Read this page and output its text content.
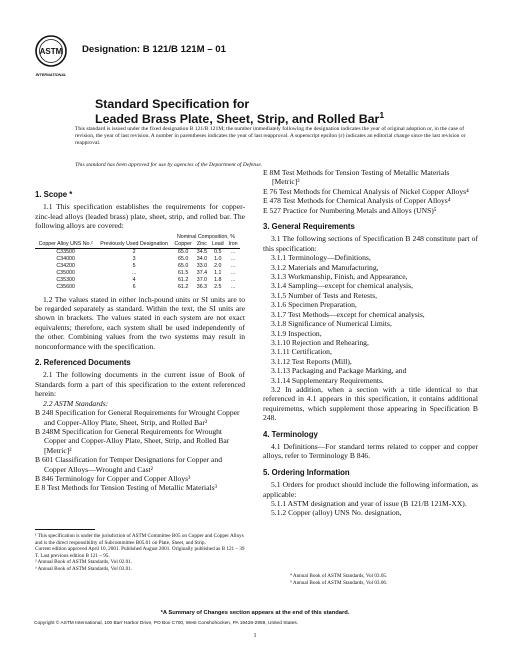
ASTM
INTERNATIONAL
Designation: B 121/B 121M – 01
Standard Specification for
Leaded Brass Plate, Sheet, Strip, and Rolled Bar$^1$
This standard is issued under the fixed designation B 121/B 121M; the number immediately following the designation indicates the year of original adoption or, in the case of revision, the year of last revision. A number in parentheses indicates the year of last reapproval. A superscript epsilon (ε) indicates an editorial change since the last revision or reapproval.
This standard has been approved for use by agencies of the Department of Defense.
1. Scope *

1.1 This specification establishes the requirements for copper-zinc-lead alloys (leaded brass) plate, sheet, strip, and rolled bar. The following alloys are covered:

		Nominal Composition, %			
Copper Alloy UNS No.²	Previously Used Designation	Copper	Zinc	Lead	Iron

C33500	2	65.0	34.5	0.5	...
C34000	3	65.0	34.0	1.0	...
C34200	5	65.0	33.0	2.0	...
C35000	...	61.5	37.4	1.1	...
C35300	4	61.2	37.0	1.8	...
C35600	6	61.2	36.3	2.5	...

1.2 The values stated in either inch-pound units or SI units are to be regarded separately as standard. Within the text, the SI units are shown in brackets. The values stated in each system are not exact equivalents; therefore, each system shall be used independently of the other. Combining values from the two systems may result in nonconformance with the specification.

2. Referenced Documents

2.1 The following documents in the current issue of Book of Standards form a part of this specification to the extent referenced herein:

2.2 ASTM Standards:

B 248 Specification for General Requirements for Wrought Copper and Copper-Alloy Plate, Sheet, Strip, and Rolled Bar²
B 248M Specification for General Requirements for Wrought Copper and Copper-Alloy Plate, Sheet, Strip, and Rolled Bar [Metric]²
B 601 Classification for Temper Designations for Copper and Copper Alloys—Wrought and Cast²
B 846 Terminology for Copper and Copper Alloys³
E 8 Test Methods for Tension Testing of Metallic Materials³
E 8M Test Methods for Tension Testing of Metallic Materials [Metric]³
E 76 Test Methods for Chemical Analysis of Nickel Copper Alloys⁴
E 478 Test Methods for Chemical Analysis of Copper Alloys⁴
E 527 Practice for Numbering Metals and Alloys (UNS)⁵
3. General Requirements

3.1 The following sections of Specification B 248 constitute part of this specification:

3.1.1 Terminology—Definitions,
3.1.2 Materials and Manufacturing,
3.1.3 Workmanship, Finish, and Appearance,
3.1.4 Sampling—except for chemical analysis,
3.1.5 Number of Tests and Retests,
3.1.6 Specimen Preparation,
3.1.7 Test Methods—except for chemical analysis,
3.1.8 Significance of Numerical Limits,
3.1.9 Inspection,
3.1.10 Rejection and Rehearing,
3.1.11 Certification,
3.1.12 Test Reports (Mill),
3.1.13 Packaging and Package Marking, and
3.1.14 Supplementary Requirements.

3.2 In addition, when a section with a title identical to that referenced in 4.1 appears in this specification, it contains additional requiremetns, which supplement those appearing in Specification B 248.

4. Terminology

4.1 Definitions—For standard terms related to copper and copper alloys, refer to Terminology B 846.

5. Ordering Information

5.1 Orders for product should include the following information, as applicable:

5.1.1 ASTM designation and year of issue (B 121/B 121M-XX).
5.1.2 Copper (alloy) UNS No. designation,
¹ This specification is under the jurisdiction of ASTM Committee B05 on Copper and Copper Alloys and is the direct responsibility of Subcommittee B05.01 on Plate, Sheet, and Strip.
Current edition approved April 10, 2001. Published August 2001. Originally published as B 121 – 39 T. Last previous edition B 121 – 95.
² Annual Book of ASTM Standards, Vol 02.01.
³ Annual Book of ASTM Standards, Vol 03.01.
⁴ Annual Book of ASTM Standards, Vol 03.05.
⁵ Annual Book of ASTM Standards, Vol 03.06.
*A Summary of Changes section appears at the end of this standard.
Copyright © ASTM International, 100 Barr Harbor Drive, PO Box C700, West Conshohocken, PA 19428-2959, United States.
1
